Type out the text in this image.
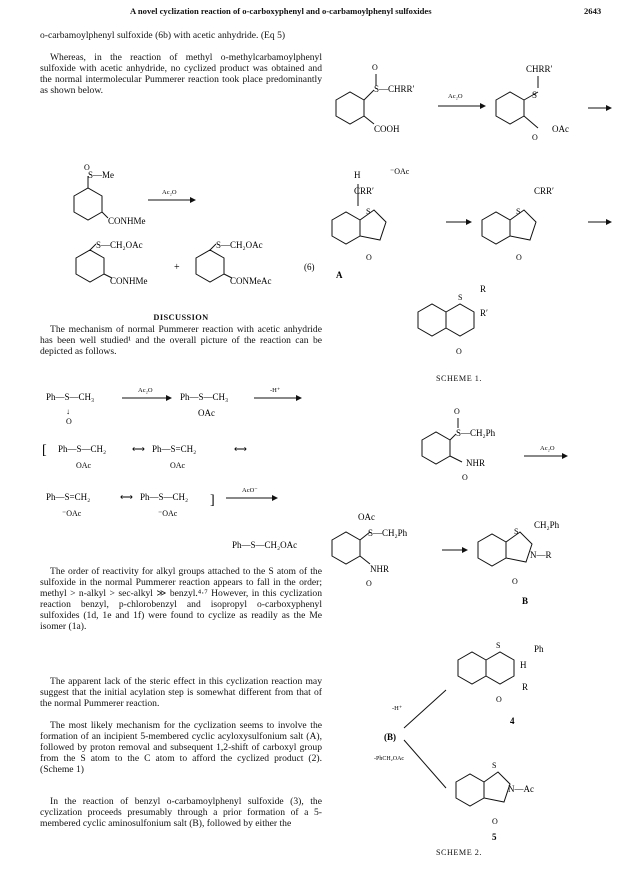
A novel cyclization reaction of o-carboxyphenyl and o-carbamoylphenyl sulfoxides	2643

o-carbamoylphenyl sulfoxide (6b) with acetic anhydride. (Eq 5)

Whereas, in the reaction of methyl o-methylcarbamoylphenyl sulfoxide with acetic anhydride, no cyclized product was obtained and the normal intermolecular Pummerer reaction took place predominantly as shown below.

O
S—Me
CONHMe
Ac₂O
S—CH₂OAc
CONHMe
+
S—CH₂OAc
CONMeAc
(6)
DISCUSSION

The mechanism of normal Pummerer reaction with acetic anhydride has been well studied¹ and the overall picture of the reaction can be depicted as follows.

Ph—S—CH₃
↓
O
Ac₂O
Ph—S—CH₃
OAc
-H⁺
[ Ph—S—CH₂	⟷ Ph—S=CH₂	⟷
OAc	OAc
Ph—S=CH₂	⟷ Ph—S—CH₂
⁻OAc	⁻OAc
]
AcO⁻
Ph—S—CH₂OAc

The order of reactivity for alkyl groups attached to the S atom of the sulfoxide in the normal Pummerer reaction appears to fall in the order; methyl > n-alkyl > sec-alkyl ≫ benzyl.⁴·⁷ However, in this cyclization reaction benzyl, p-chlorobenzyl and isopropyl o-carboxyphenyl sulfoxides (1d, 1e and 1f) were found to cyclize as readily as the Me isomer (1a).

The apparent lack of the steric effect in this cyclization reaction may suggest that the initial acylation step is somewhat different from that of the normal Pummerer reaction.

The most likely mechanism for the cyclization seems to involve the formation of an incipient 5-membered cyclic acyloxysulfonium salt (A), followed by proton removal and subsequent 1,2-shift of carboxyl group from the S atom to the C atom to afford the cyclized product (2). (Scheme 1)

In the reaction of benzyl o-carbamoylphenyl sulfoxide (3), the cyclization proceeds presumably through a prior formation of a 5-membered cyclic aminosulfonium salt (B), followed by either the

O
S—CHRR′
COOH
Ac₂O
CHRR′
S
OAc
O
H	⁻OAc
CRR′
S
O
A
CRR′
S
O
S
R
R′
O
SCHEME 1.
O
S—CH₂Ph
NHR
O
Ac₂O
OAc
S—CH₂Ph
NHR
O
CH₂Ph
S
N—R
O
B
Ph
S
H
R
O
4
-H⁺
(B)
-PhCH₂OAc
S
N—Ac
O
5
SCHEME 2.
